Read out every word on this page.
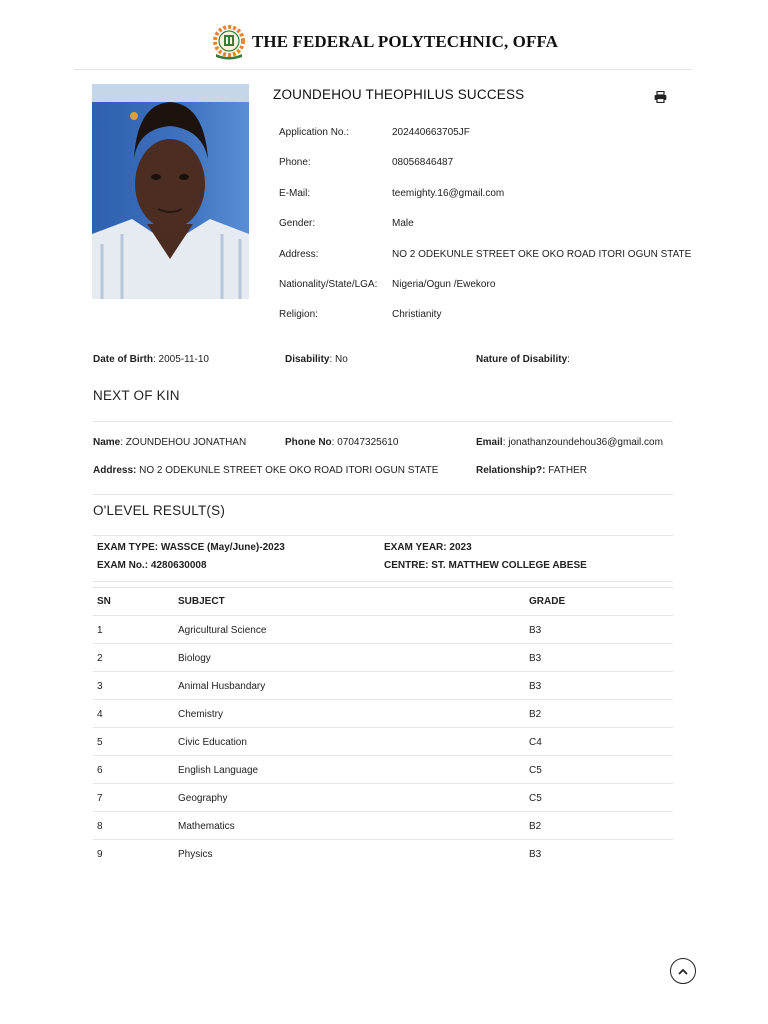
THE FEDERAL POLYTECHNIC, OFFA
ZOUNDEHOU THEOPHILUS SUCCESS
Application No.:	202440663705JF
Phone:	08056846487
E-Mail:	teemighty.16@gmail.com
Gender:	Male
Address:	NO 2 ODEKUNLE STREET OKE OKO ROAD ITORI OGUN STATE
Nationality/State/LGA: Nigeria/Ogun /Ewekoro
Religion:	Christianity
Date of Birth: 2005-11-10	Disability: No	Nature of Disability:
NEXT OF KIN
Name: ZOUNDEHOU JONATHAN	Phone No: 07047325610	Email: jonathanzoundehou36@gmail.com
Address: NO 2 ODEKUNLE STREET OKE OKO ROAD ITORI OGUN STATE	Relationship?: FATHER
O'LEVEL RESULT(S)
EXAM TYPE: WASSCE (May/June)-2023	EXAM YEAR: 2023
EXAM No.: 4280630008	CENTRE: ST. MATTHEW COLLEGE ABESE
SN	SUBJECT	GRADE
1	Agricultural Science	B3
2	Biology	B3
3	Animal Husbandary	B3
4	Chemistry	B2
5	Civic Education	C4
6	English Language	C5
7	Geography	C5
8	Mathematics	B2
9	Physics	B3
